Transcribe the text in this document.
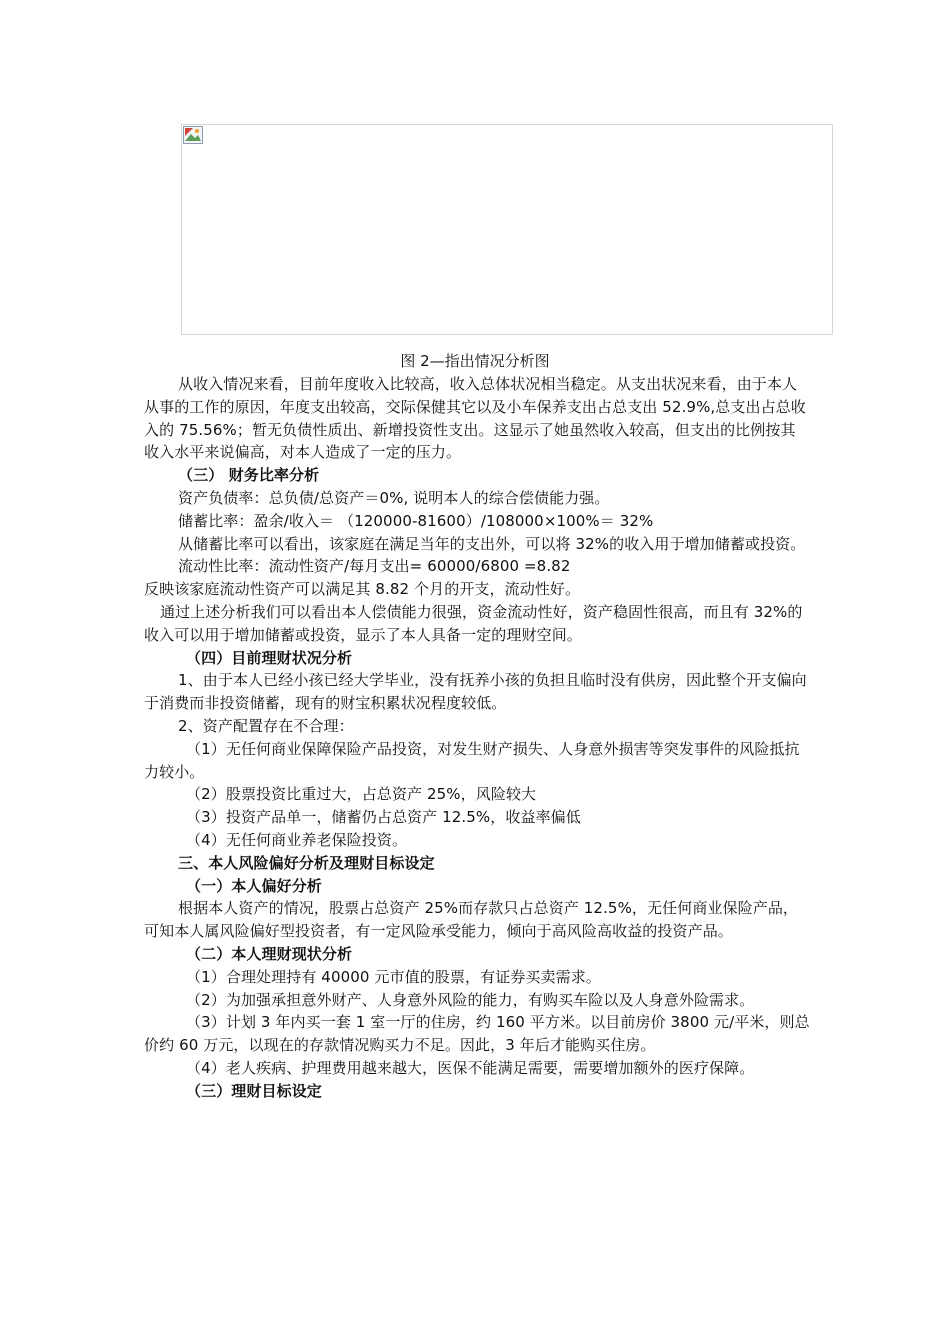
图 2—指出情况分析图

从收入情况来看，目前年度收入比较高，收入总体状况相当稳定。从支出状况来看，由于本人从事的工作的原因，年度支出较高，交际保健其它以及小车保养支出占总支出 52.9%,总支出占总收入的 75.56%；暂无负债性质出、新增投资性支出。这显示了她虽然收入较高，但支出的比例按其收入水平来说偏高，对本人造成了一定的压力。

（三） 财务比率分析

资产负债率：总负债/总资产＝0%, 说明本人的综合偿债能力强。

储蓄比率：盈余/收入＝ （120000-81600）/108000×100%＝ 32%

从储蓄比率可以看出，该家庭在满足当年的支出外，可以将 32%的收入用于增加储蓄或投资。

流动性比率：流动性资产/每月支出= 60000/6800 =8.82

反映该家庭流动性资产可以满足其 8.82 个月的开支，流动性好。

通过上述分析我们可以看出本人偿债能力很强，资金流动性好，资产稳固性很高，而且有 32%的收入可以用于增加储蓄或投资，显示了本人具备一定的理财空间。

（四）目前理财状况分析

1、由于本人已经小孩已经大学毕业，没有抚养小孩的负担且临时没有供房，因此整个开支偏向于消费而非投资储蓄，现有的财宝积累状况程度较低。

2、资产配置存在不合理：

（1）无任何商业保障保险产品投资，对发生财产损失、人身意外损害等突发事件的风险抵抗力较小。

（2）股票投资比重过大，占总资产 25%，风险较大

（3）投资产品单一，储蓄仍占总资产 12.5%，收益率偏低

（4）无任何商业养老保险投资。

三、本人风险偏好分析及理财目标设定

（一）本人偏好分析

根据本人资产的情况，股票占总资产 25%而存款只占总资产 12.5%，无任何商业保险产品，可知本人属风险偏好型投资者，有一定风险承受能力，倾向于高风险高收益的投资产品。

（二）本人理财现状分析

（1）合理处理持有 40000 元市值的股票，有证券买卖需求。

（2）为加强承担意外财产、人身意外风险的能力，有购买车险以及人身意外险需求。

（3）计划 3 年内买一套 1 室一厅的住房，约 160 平方米。以目前房价 3800 元/平米，则总价约 60 万元，以现在的存款情况购买力不足。因此，3 年后才能购买住房。

（4）老人疾病、护理费用越来越大，医保不能满足需要，需要增加额外的医疗保障。

（三）理财目标设定
